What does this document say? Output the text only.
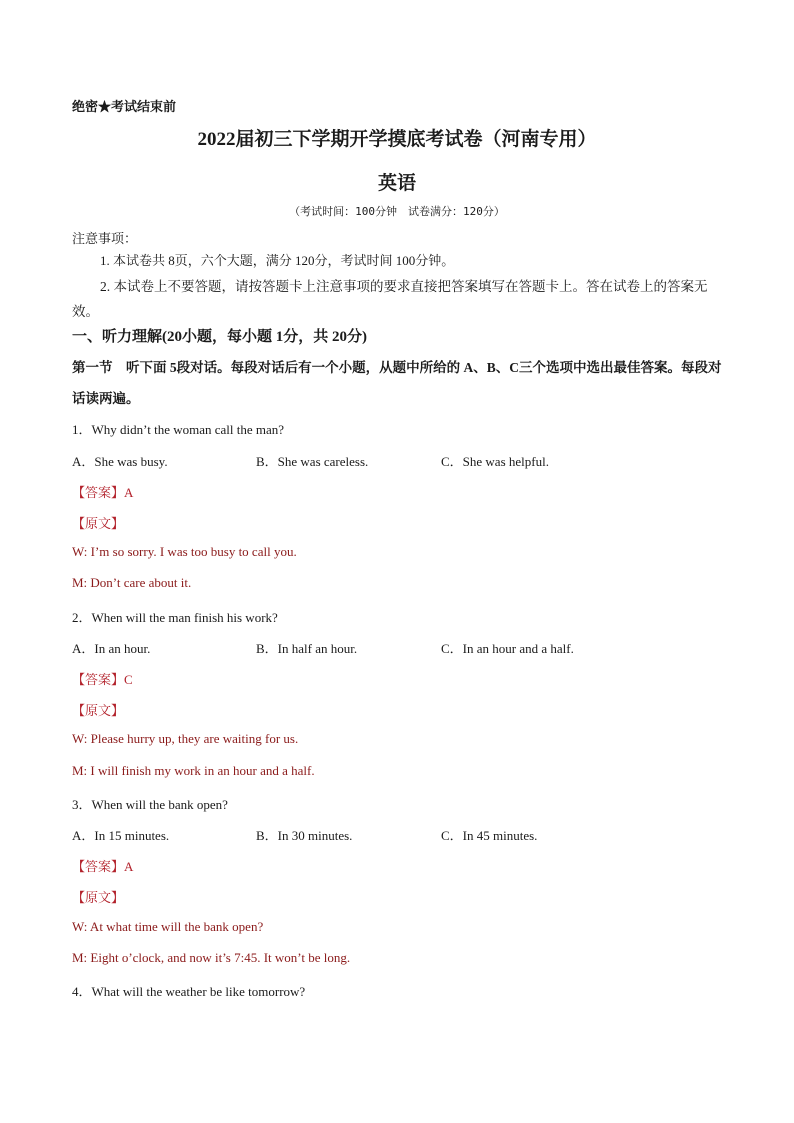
绝密★考试结束前
2022届初三下学期开学摸底考试卷（河南专用）
英语
（考试时间：100分钟　试卷满分：120分）
注意事项：
1. 本试卷共 8页，六个大题，满分 120分，考试时间 100分钟。
2. 本试卷上不要答题，请按答题卡上注意事项的要求直接把答案填写在答题卡上。答在试卷上的答案无效。
一、听力理解(20小题，每小题 1分，共 20分)
第一节　听下面 5段对话。每段对话后有一个小题，从题中所给的 A、B、C三个选项中选出最佳答案。每段对话读两遍。
1．Why didn’t the woman call the man?
A．She was busy.	B．She was careless.	C．She was helpful.
【答案】A
【原文】
W: I’m so sorry. I was too busy to call you.
M: Don’t care about it.
2．When will the man finish his work?
A．In an hour.	B．In half an hour.	C．In an hour and a half.
【答案】C
【原文】
W: Please hurry up, they are waiting for us.
M: I will finish my work in an hour and a half.
3．When will the bank open?
A．In 15 minutes.	B．In 30 minutes.	C．In 45 minutes.
【答案】A
【原文】
W: At what time will the bank open?
M: Eight o’clock, and now it’s 7:45. It won’t be long.
4．What will the weather be like tomorrow?
